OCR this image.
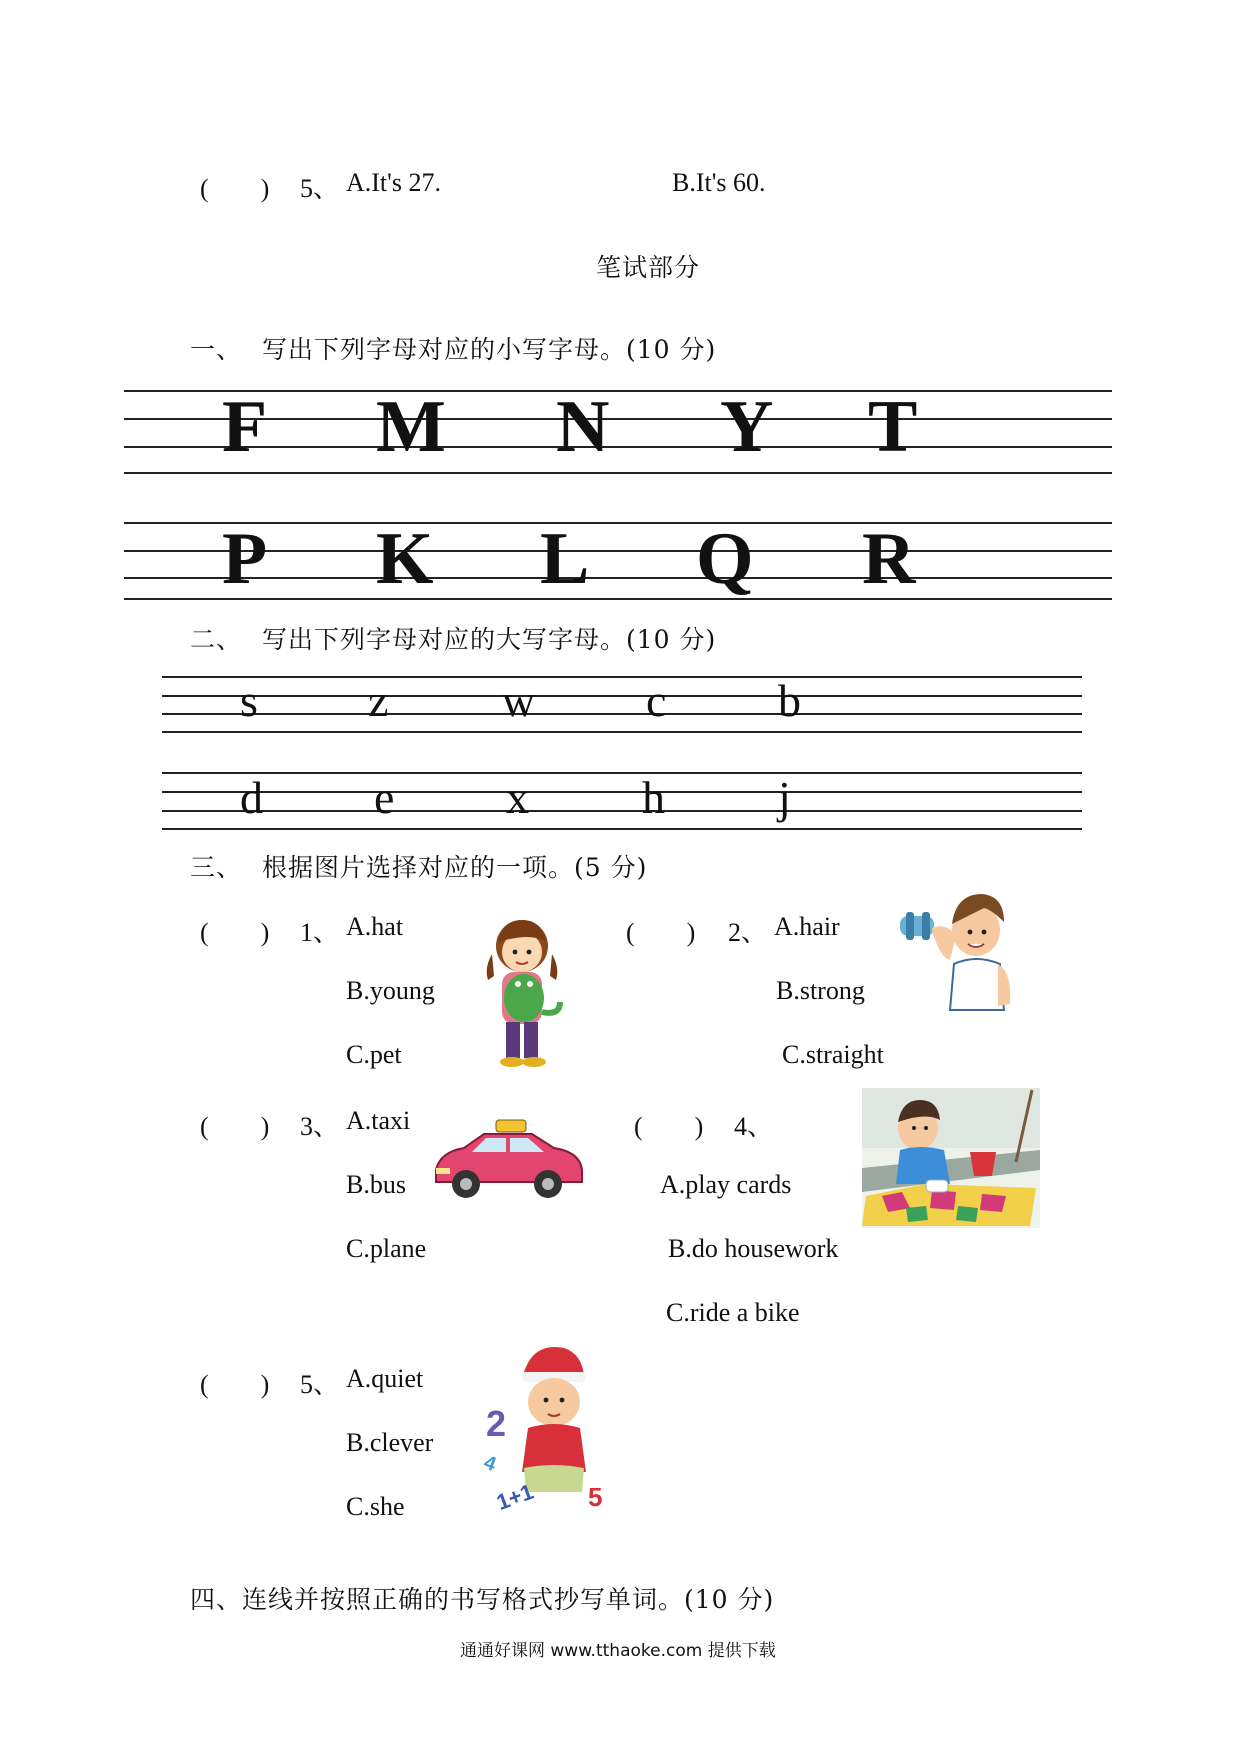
(　　) 5、 A.It's 27.	B.It's 60.
笔试部分
一、 写出下列字母对应的小写字母。(10 分)
F M N Y T
P K L Q R
二、 写出下列字母对应的大写字母。(10 分)
s z w c b
d e x h j
三、 根据图片选择对应的一项。(5 分)
(　　) 1、 A.hat
B.young
C.pet
(　　) 2、 A.hair
B.strong
C.straight
(　　) 3、 A.taxi
B.bus
C.plane
(　　) 4、
A.play cards
B.do housework
C.ride a bike
(　　) 5、 A.quiet
B.clever
C.she
2
5
4
1+1
四、连线并按照正确的书写格式抄写单词。(10 分)
通通好课网 www.tthaoke.com 提供下载
